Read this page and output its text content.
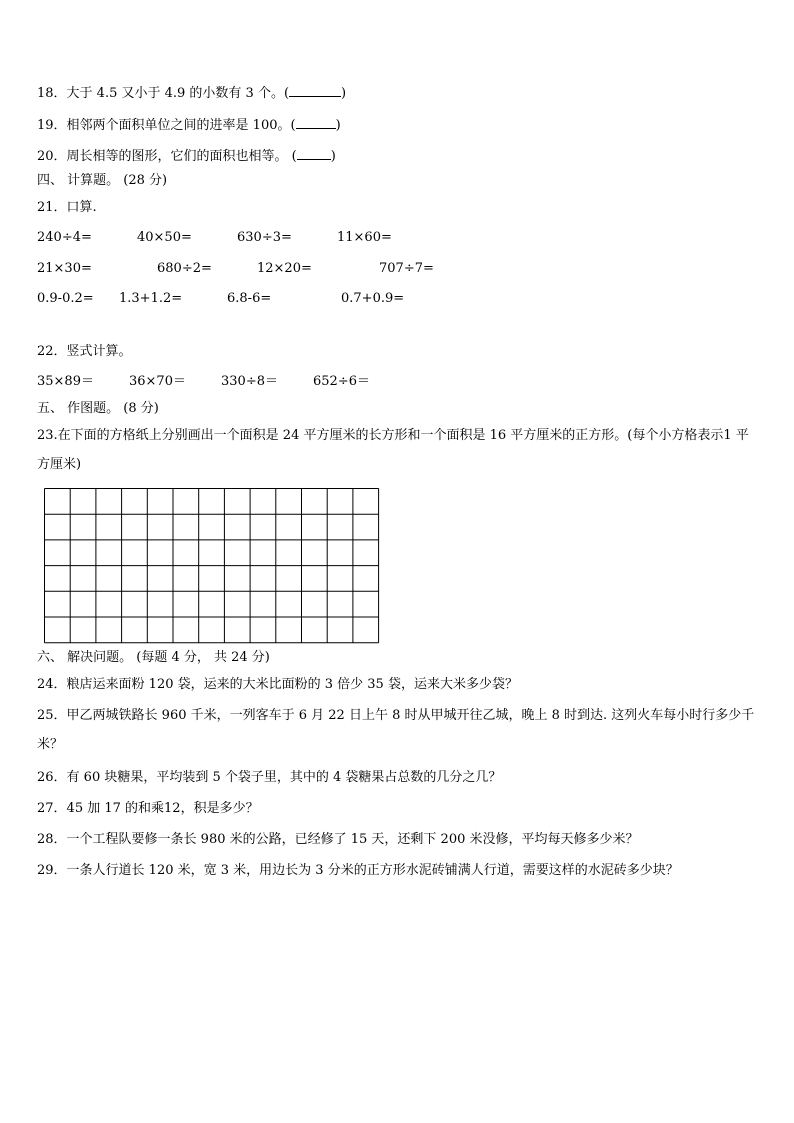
18．大于 4.5 又小于 4.9 的小数有 3 个。(	)
19．相邻两个面积单位之间的进率是 100。(	)
20．周长相等的图形，它们的面积也相等。 (	)
四、 计算题。 (28 分)
21．口算.
240÷4=	40×50=	630÷3=	11×60=
21×30=	680÷2=	12×20=	707÷7=
0.9-0.2= 1.3+1.2=	6.8-6=	0.7+0.9=
22．竖式计算。
35×89＝	36×70＝	330÷8＝	652÷6＝
五、 作图题。 (8 分)
23.在下面的方格纸上分别画出一个面积是 24 平方厘米的长方形和一个面积是 16 平方厘米的正方形。(每个小方格表示1 平方厘米)
六、 解决问题。 (每题 4 分， 共 24 分)
24．粮店运来面粉 120 袋，运来的大米比面粉的 3 倍少 35 袋，运来大米多少袋？
25．甲乙两城铁路长 960 千米，一列客车于 6 月 22 日上午 8 时从甲城开往乙城，晚上 8 时到达. 这列火车每小时行多少千米？
26．有 60 块糖果，平均装到 5 个袋子里，其中的 4 袋糖果占总数的几分之几？
27．45 加 17 的和乘12，积是多少？
28．一个工程队要修一条长 980 米的公路，已经修了 15 天，还剩下 200 米没修，平均每天修多少米？
29．一条人行道长 120 米，宽 3 米，用边长为 3 分米的正方形水泥砖铺满人行道，需要这样的水泥砖多少块？
